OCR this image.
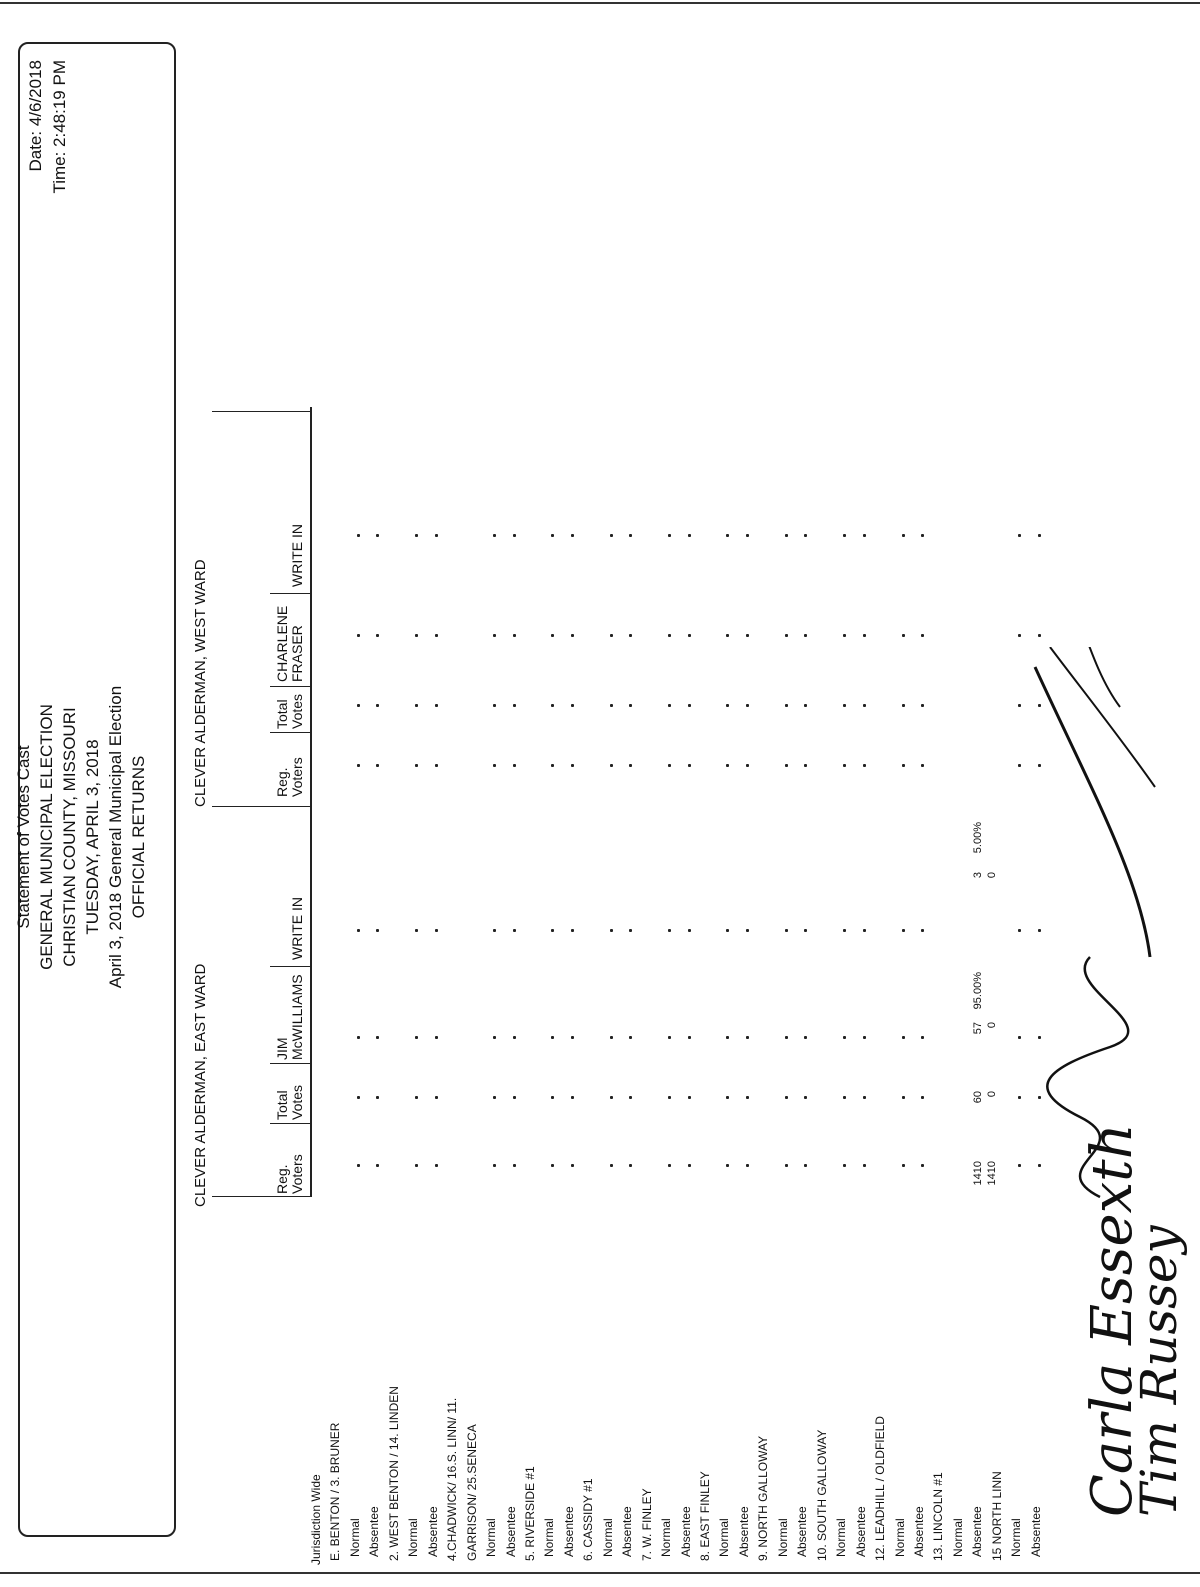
Statement of Votes Cast GENERAL MUNICIPAL ELECTION CHRISTIAN COUNTY, MISSOURI TUESDAY, APRIL 3, 2018 April 3, 2018 General Municipal Election OFFICIAL RETURNS
Date: 4/6/2018 Time: 2:48:19 PM
CLEVER ALDERMAN, EAST WARD
CLEVER ALDERMAN, WEST WARD
Reg. Voters
Total Votes
JIM McWILLIAMS
WRITE IN
Reg. Voters
Total Votes
CHARLENE FRASER
WRITE IN
Jurisdiction Wide E. BENTON / 3. BRUNER Normal Absentee 2. WEST BENTON / 14. LINDEN Normal Absentee 4.CHADWICK/ 16.S. LINN/ 11. GARRISON/ 25.SENECA Normal Absentee 5. RIVERSIDE #1 Normal Absentee 6. CASSIDY #1 Normal Absentee 7. W. FINLEY Normal Absentee 8. EAST FINLEY Normal Absentee 9. NORTH GALLOWAY Normal Absentee 10. SOUTH GALLOWAY Normal Absentee 12. LEADHILL / OLDFIELD Normal Absentee 13. LINCOLN #1 Normal Absentee 15 NORTH LINN Normal Absentee
1410 1410
60 0
57 0
95.00%
3 0
5.00%
Carla Essexth
Tim Russey
